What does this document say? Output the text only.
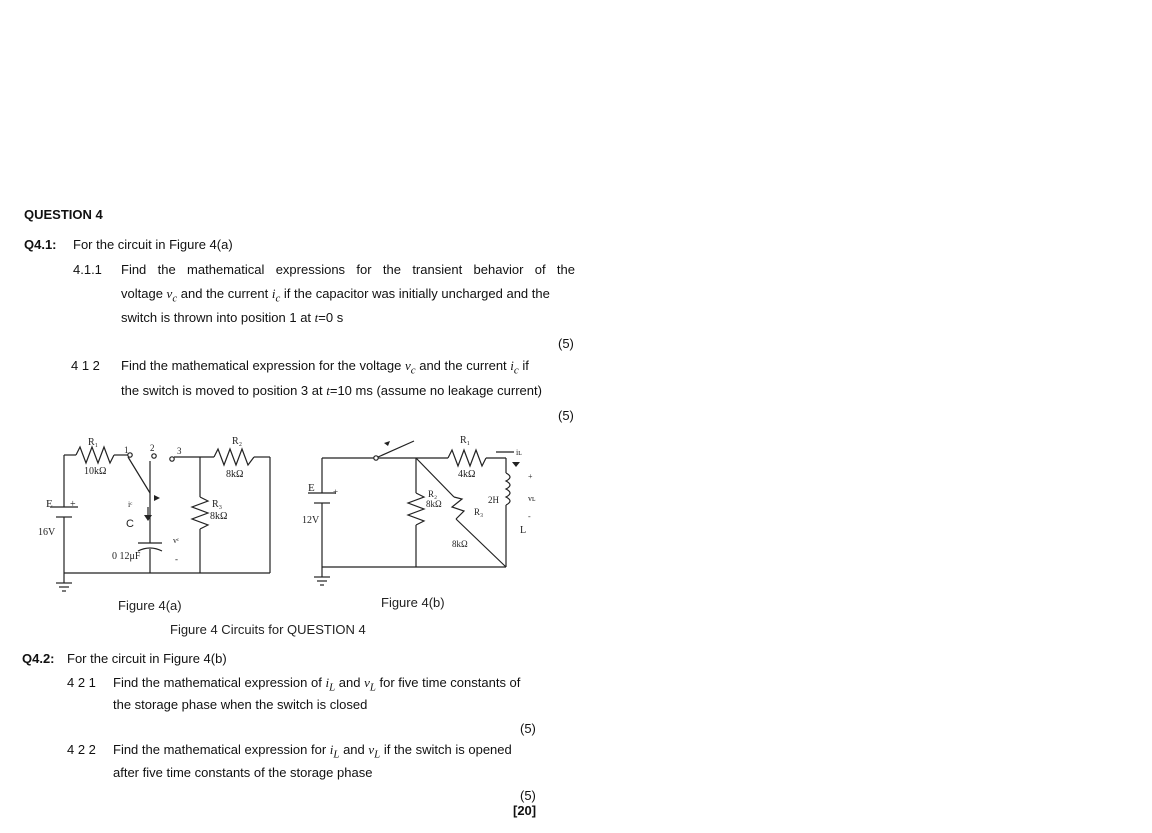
QUESTION 4
Q4.1: For the circuit in Figure 4(a)
4.1.1 Find the mathematical expressions for the transient behavior of the
voltage $v_c$ and the current $i_c$ if the capacitor was initially uncharged and the
switch is thrown into position 1 at t=0 s
(5)
4 1 2 Find the mathematical expression for the voltage $v_c$ and the current $i_c$ if
the switch is moved to position 3 at t=10 ms (assume no leakage current)
(5)
R₁
10kΩ
R₂
8kΩ
R₃
8kΩ
E
16V
+
C
0 12μF
1 2	3
iᶜ
vᶜ
-
R₁
4kΩ
R₂
8kΩ
R₃
8kΩ
E
12V
+
L
2H
iʟ
vʟ
+
-
Figure 4(a)	Figure 4(b)
Figure 4 Circuits for QUESTION 4
Q4.2: For the circuit in Figure 4(b)
4 2 1 Find the mathematical expression of $i_L$ and $v_L$ for five time constants of
the storage phase when the switch is closed
(5)
4 2 2 Find the mathematical expression for $i_L$ and $v_L$ if the switch is opened
after five time constants of the storage phase
(5)
[20]
